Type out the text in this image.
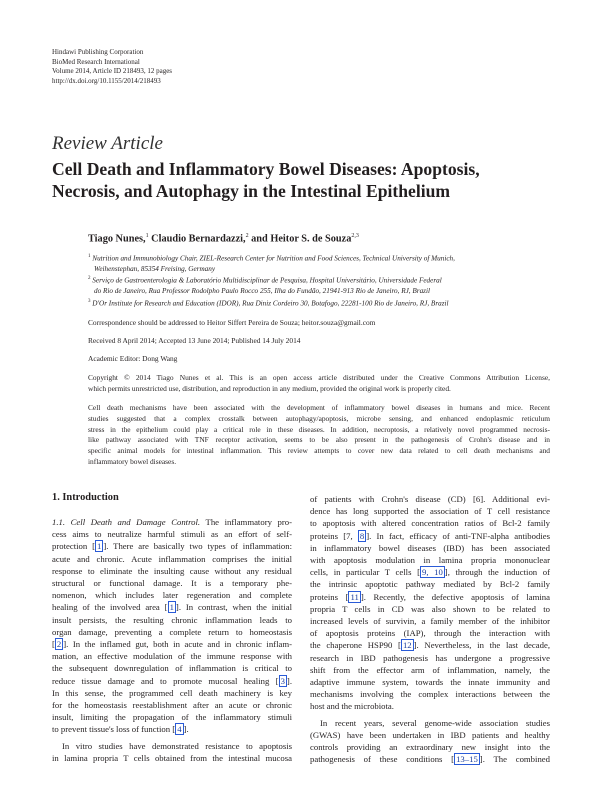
Hindawi Publishing Corporation
BioMed Research International
Volume 2014, Article ID 218493, 12 pages
http://dx.doi.org/10.1155/2014/218493
Review Article
Cell Death and Inflammatory Bowel Diseases: Apoptosis,
Necrosis, and Autophagy in the Intestinal Epithelium
Tiago Nunes,$^1$ Claudio Bernardazzi,$^2$ and Heitor S. de Souza$^{2,3}$
$^1$ Nutrition and Immunobiology Chair, ZIEL-Research Center for Nutrition and Food Sciences, Technical University of Munich,
Weihenstephan, 85354 Freising, Germany
$^2$ Serviço de Gastroenterologia & Laboratório Multidisciplinar de Pesquisa, Hospital Universitário, Universidade Federal
do Rio de Janeiro, Rua Professor Rodolpho Paulo Rocco 255, Ilha do Fundão, 21941-913 Rio de Janeiro, RJ, Brazil
$^3$ D'Or Institute for Research and Education (IDOR), Rua Diniz Cordeiro 30, Botafogo, 22281-100 Rio de Janeiro, RJ, Brazil
Correspondence should be addressed to Heitor Siffert Pereira de Souza; heitor.souza@gmail.com
Received 8 April 2014; Accepted 13 June 2014; Published 14 July 2014
Academic Editor: Dong Wang
Copyright © 2014 Tiago Nunes et al. This is an open access article distributed under the Creative Commons Attribution License,
which permits unrestricted use, distribution, and reproduction in any medium, provided the original work is properly cited.
Cell death mechanisms have been associated with the development of inflammatory bowel diseases in humans and mice. Recent
studies suggested that a complex crosstalk between autophagy/apoptosis, microbe sensing, and enhanced endoplasmic reticulum
stress in the epithelium could play a critical role in these diseases. In addition, necroptosis, a relatively novel programmed necrosis-
like pathway associated with TNF receptor activation, seems to be also present in the pathogenesis of Crohn's disease and in
specific animal models for intestinal inflammation. This review attempts to cover new data related to cell death mechanisms and
inflammatory bowel diseases.
1. Introduction
1.1. Cell Death and Damage Control. The inflammatory pro-
cess aims to neutralize harmful stimuli as an effort of self-
protection [ 1 ]. There are basically two types of inflammation:
acute and chronic. Acute inflammation comprises the initial
response to eliminate the insulting cause without any residual
structural or functional damage. It is a temporary phe-
nomenon, which includes later regeneration and complete
healing of the involved area [ 1 ]. In contrast, when the initial
insult persists, the resulting chronic inflammation leads to
organ damage, preventing a complete return to homeostasis
[ 2 ]. In the inflamed gut, both in acute and in chronic inflam-
mation, an effective modulation of the immune response with
the subsequent downregulation of inflammation is critical to
reduce tissue damage and to promote mucosal healing [ 3 ].
In this sense, the programmed cell death machinery is key
for the homeostasis reestablishment after an acute or chronic
insult, limiting the propagation of the inflammatory stimuli
to prevent tissue's loss of function [ 4 ].
In vitro studies have demonstrated resistance to apoptosis
in lamina propria T cells obtained from the intestinal mucosa
of patients with Crohn's disease (CD) [6]. Additional evi-
dence has long supported the association of T cell resistance
to apoptosis with altered concentration ratios of Bcl-2 family
proteins [7, 8 ]. In fact, efficacy of anti-TNF-alpha antibodies
in inflammatory bowel diseases (IBD) has been associated
with apoptosis modulation in lamina propria mononuclear
cells, in particular T cells [ 9, 10 ], through the induction of
the intrinsic apoptotic pathway mediated by Bcl-2 family
proteins [ 11 ]. Recently, the defective apoptosis of lamina
propria T cells in CD was also shown to be related to
increased levels of survivin, a family member of the inhibitor
of apoptosis proteins (IAP), through the interaction with
the chaperone HSP90 [ 12 ]. Nevertheless, in the last decade,
research in IBD pathogenesis has undergone a progressive
shift from the effector arm of inflammation, namely, the
adaptive immune system, towards the innate immunity and
mechanisms involving the complex interactions between the
host and the microbiota.
In recent years, several genome-wide association studies
(GWAS) have been undertaken in IBD patients and healthy
controls providing an extraordinary new insight into the
pathogenesis of these conditions [ 13–15 ]. The combined
